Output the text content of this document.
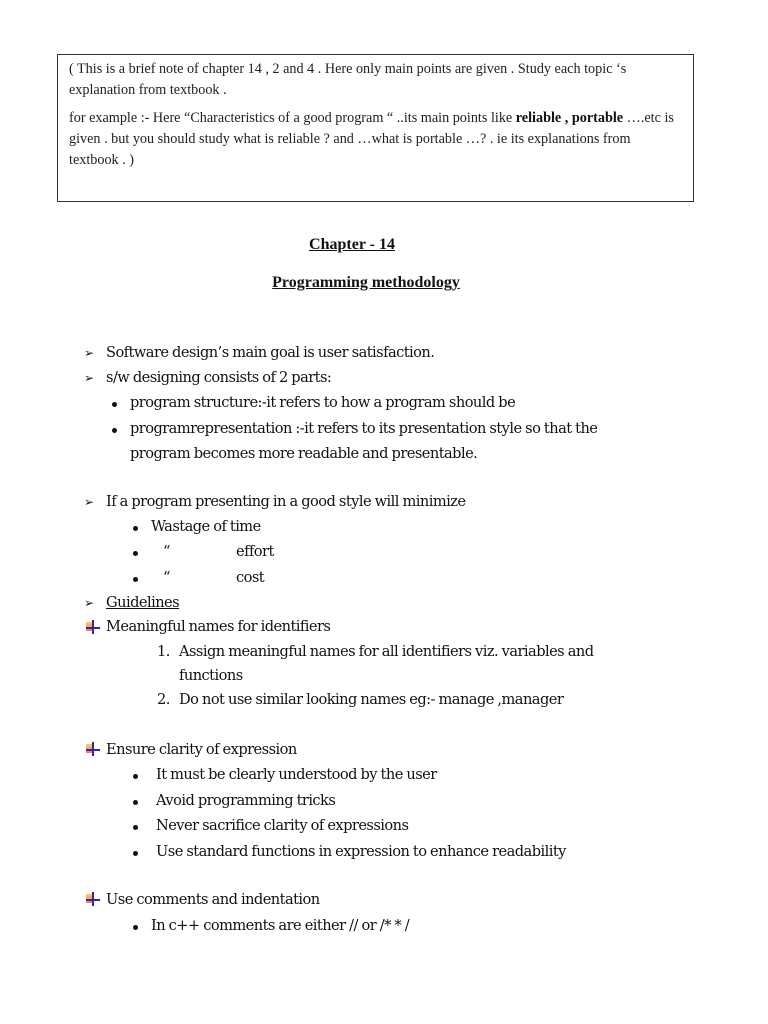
( This is a brief note of chapter 14 , 2 and 4 . Here only main points are given . Study each topic ‘s explanation from textbook .

for example :- Here “Characteristics of a good program “ ..its main points like reliable , portable ….etc is given . but you should study what is reliable ? and …what is portable …? . ie its explanations from textbook . )

Chapter - 14
Programming methodology
➢ Software design’s main goal is user satisfaction.
➢ s/w designing consists of 2 parts:
program structure:-it refers to how a program should be
programrepresentation :-it refers to its presentation style so that the
program becomes more readable and presentable.
➢ If a program presenting in a good style will minimize
Wastage of time
“	effort
“	cost
➢ Guidelines
Meaningful names for identifiers
1. Assign meaningful names for all identifiers viz. variables and
functions
2. Do not use similar looking names eg:- manage ,manager
Ensure clarity of expression
It must be clearly understood by the user
Avoid programming tricks
Never sacrifice clarity of expressions
Use standard functions in expression to enhance readability
Use comments and indentation
In c++ comments are either // or /* * /
